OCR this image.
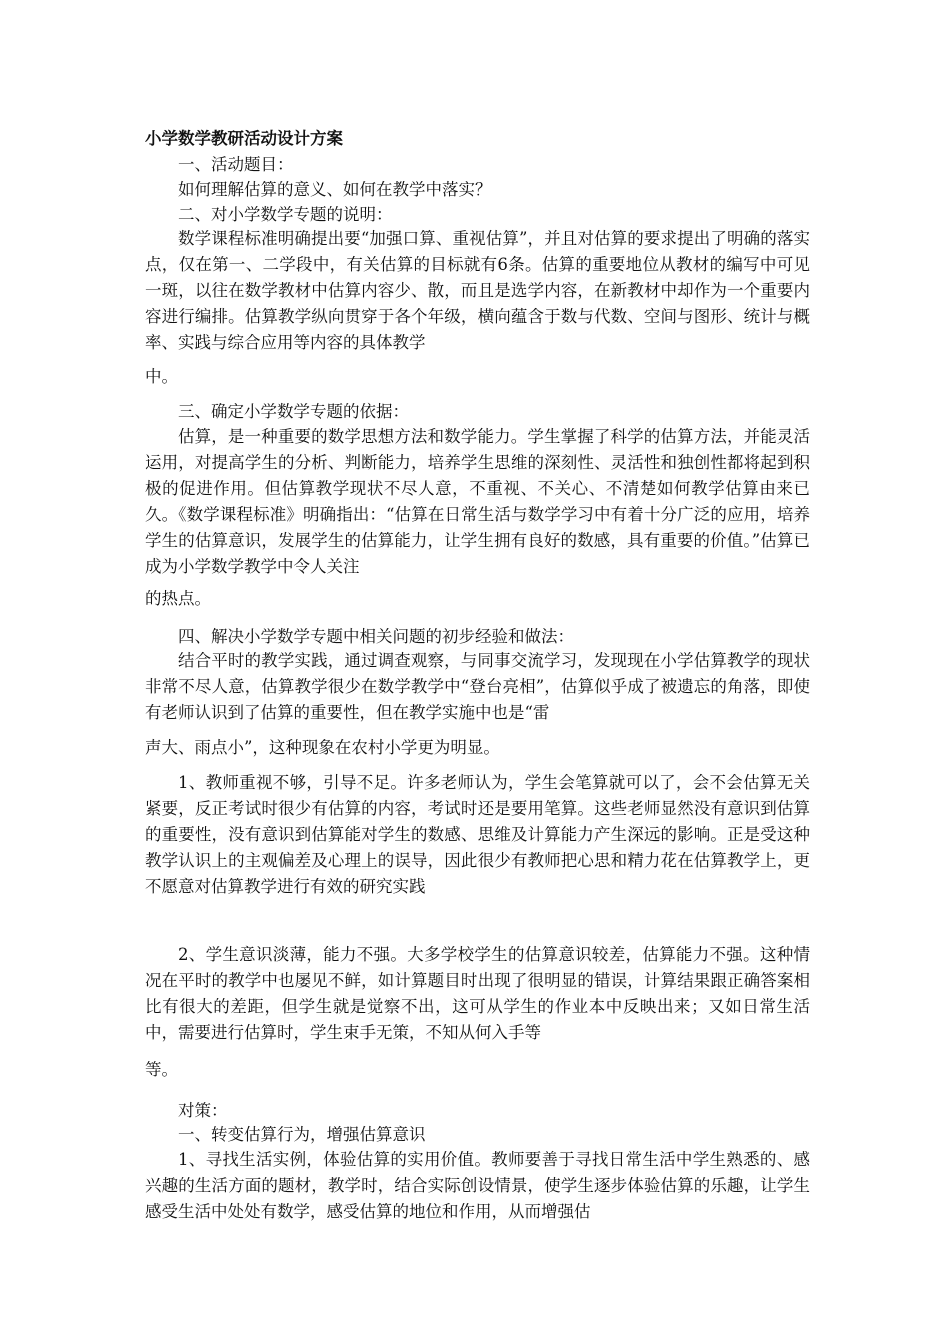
小学数学教研活动设计方案

一、活动题目：

如何理解估算的意义、如何在教学中落实？

二、对小学数学专题的说明：

数学课程标准明确提出要“加强口算、重视估算”，并且对估算的要求提出了明确的落实点，仅在第一、二学段中，有关估算的目标就有6条。估算的重要地位从教材的编写中可见一斑，以往在数学教材中估算内容少、散，而且是选学内容，在新教材中却作为一个重要内容进行编排。估算教学纵向贯穿于各个年级，横向蕴含于数与代数、空间与图形、统计与概率、实践与综合应用等内容的具体教学

中。

三、确定小学数学专题的依据：

估算，是一种重要的数学思想方法和数学能力。学生掌握了科学的估算方法，并能灵活运用，对提高学生的分析、判断能力，培养学生思维的深刻性、灵活性和独创性都将起到积极的促进作用。但估算教学现状不尽人意，不重视、不关心、不清楚如何教学估算由来已久。《数学课程标准》明确指出：“估算在日常生活与数学学习中有着十分广泛的应用，培养学生的估算意识，发展学生的估算能力，让学生拥有良好的数感，具有重要的价值。”估算已成为小学数学教学中令人关注

的热点。

四、解决小学数学专题中相关问题的初步经验和做法：

结合平时的教学实践，通过调查观察，与同事交流学习，发现现在小学估算教学的现状非常不尽人意，估算教学很少在数学教学中“登台亮相”，估算似乎成了被遗忘的角落，即使有老师认识到了估算的重要性，但在教学实施中也是“雷

声大、雨点小”，这种现象在农村小学更为明显。

1、教师重视不够，引导不足。许多老师认为，学生会笔算就可以了，会不会估算无关紧要，反正考试时很少有估算的内容，考试时还是要用笔算。这些老师显然没有意识到估算的重要性，没有意识到估算能对学生的数感、思维及计算能力产生深远的影响。正是受这种教学认识上的主观偏差及心理上的误导，因此很少有教师把心思和精力花在估算教学上，更不愿意对估算教学进行有效的研究实践

2、学生意识淡薄，能力不强。大多学校学生的估算意识较差，估算能力不强。这种情况在平时的教学中也屡见不鲜，如计算题目时出现了很明显的错误，计算结果跟正确答案相比有很大的差距，但学生就是觉察不出，这可从学生的作业本中反映出来；又如日常生活中，需要进行估算时，学生束手无策，不知从何入手等

等。

对策：

一、转变估算行为，增强估算意识

1、寻找生活实例，体验估算的实用价值。教师要善于寻找日常生活中学生熟悉的、感兴趣的生活方面的题材，教学时，结合实际创设情景，使学生逐步体验估算的乐趣，让学生感受生活中处处有数学，感受估算的地位和作用，从而增强估
